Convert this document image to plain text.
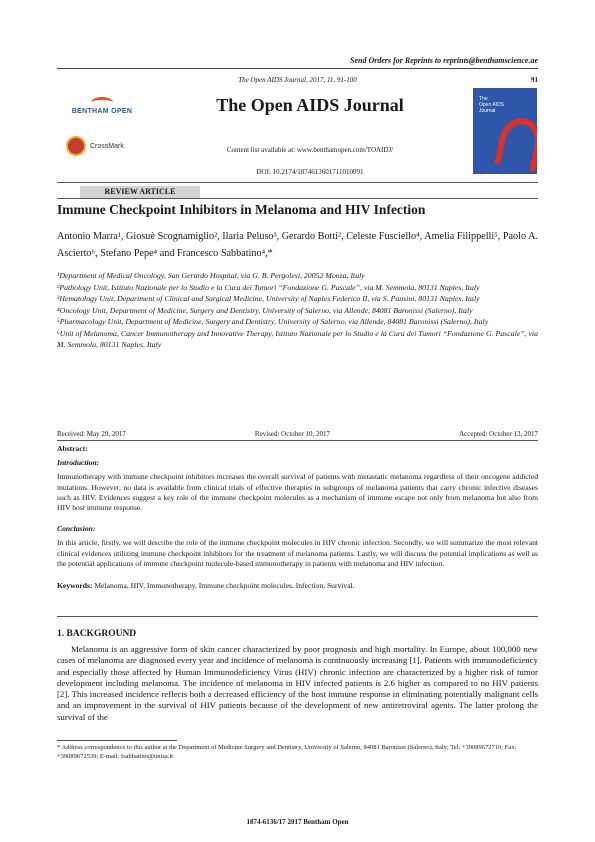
Send Orders for Reprints to reprints@benthamscience.ae
The Open AIDS Journal, 2017, 11, 91-100	91
BENTHAM OPEN
CrossMark
The Open AIDS Journal
Content list available at: www.benthamopen.com/TOAIDJ/
DOI: 10.2174/1874613601711010091
The
Open AIDS
Journal
REVIEW ARTICLE
Immune Checkpoint Inhibitors in Melanoma and HIV Infection
Antonio Marra¹, Giosuè Scognamiglio², Ilaria Peluso³, Gerardo Botti², Celeste Fusciello⁴, Amelia Filippelli⁵, Paolo A. Ascierto⁶, Stefano Pepe⁴ and Francesco Sabbatino⁴,*

¹Department of Medical Oncology, San Gerardo Hospital, via G. B. Pergolesi, 20052 Monza, Italy

²Pathology Unit, Istituto Nazionale per lo Studio e la Cura dei Tumori “Fondazione G. Pascale”, via M. Semmola, 80131 Naples, Italy

³Hematology Unit, Department of Clinical and Surgical Medicine, University of Naples Federico II, via S. Pansini, 80131 Naples, Italy

⁴Oncology Unit, Department of Medicine, Surgery and Dentistry, University of Salerno, via Allende, 84081 Baronissi (Salerno), Italy

⁵Pharmacology Unit, Department of Medicine, Surgery and Dentistry, University of Salerno, via Allende, 84081 Baronissi (Salerno), Italy

⁶Unit of Melanoma, Cancer Immunotherapy and Innovative Therapy, Istituto Nazionale per lo Studio e la Cura dei Tumori “Fondazione G. Pascale”, via M. Semmola, 80131 Naples, Italy

Received: May 29, 2017	Revised: October 10, 2017	Accepted: October 13, 2017
Abstract:
Introduction:

Immunotherapy with immune checkpoint inhibitors increases the overall survival of patients with metastatic melanoma regardless of their oncogene addicted mutations. However, no data is available from clinical trials of effective therapies in subgroups of melanoma patients that carry chronic infective diseases such as HIV. Evidences suggest a key role of the immune checkpoint molecules as a mechanism of immune escape not only from melanoma but also from HIV host immune response.

Conclusion:

In this article, firstly, we will describe the role of the immune checkpoint molecules in HIV chronic infection. Secondly, we will summarize the most relevant clinical evidences utilizing immune checkpoint inhibitors for the treatment of melanoma patients. Lastly, we will discuss the potential implications as well as the potential applications of immune checkpoint molecule-based immunotherapy in patients with melanoma and HIV infection.

Keywords: Melanoma, HIV, Immunotherapy, Immune checkpoint molecules, Infection, Survival.

1. BACKGROUND

Melanoma is an aggressive form of skin cancer characterized by poor prognosis and high mortality. In Europe, about 100,000 new cases of melanoma are diagnosed every year and incidence of melanoma is continuously increasing [1]. Patients with immunodeficiency and especially those affected by Human Immunodeficiency Virus (HIV) chronic infection are characterized by a higher risk of tumor development including melanoma. The incidence of melanoma in HIV infected patients is 2.6 higher as compared to no HIV patients [2]. This increased incidence reflects both a decreased efficiency of the host immune response in eliminating potentially malignant cells and an improvement in the survival of HIV patients because of the development of new antiretroviral agents. The latter prolong the survival of the

* Address correspondence to this author at the Department of Medicine Surgery and Dentistry, University of Salerno, 84081 Baronissi (Salerno), Italy; Tel: +39089672710; Fax: +39089672539; E-mail: fsabbatino@unisa.it
1874-6136/17 2017 Bentham Open
